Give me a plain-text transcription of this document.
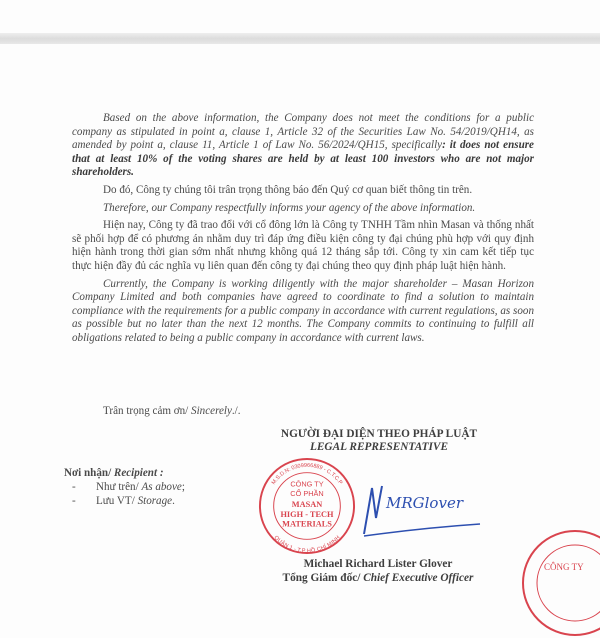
Based on the above information, the Company does not meet the conditions for a public company as stipulated in point a, clause 1, Article 32 of the Securities Law No. 54/2019/QH14, as amended by point a, clause 11, Article 1 of Law No. 56/2024/QH15, specifically: it does not ensure that at least 10% of the voting shares are held by at least 100 investors who are not major shareholders.

Do đó, Công ty chúng tôi trân trọng thông báo đến Quý cơ quan biết thông tin trên.

Therefore, our Company respectfully informs your agency of the above information.

Hiện nay, Công ty đã trao đổi với cổ đông lớn là Công ty TNHH Tầm nhìn Masan và thống nhất sẽ phối hợp để có phương án nhằm duy trì đáp ứng điều kiện công ty đại chúng phù hợp với quy định hiện hành trong thời gian sớm nhất nhưng không quá 12 tháng sắp tới. Công ty xin cam kết tiếp tục thực hiện đầy đủ các nghĩa vụ liên quan đến công ty đại chúng theo quy định pháp luật hiện hành.

Currently, the Company is working diligently with the major shareholder – Masan Horizon Company Limited and both companies have agreed to coordinate to find a solution to maintain compliance with the requirements for a public company in accordance with current regulations, as soon as possible but no later than the next 12 months. The Company commits to continuing to fulfill all obligations related to being a public company in accordance with current laws.

Trân trọng cảm ơn/ Sincerely./.
NGƯỜI ĐẠI DIỆN THEO PHÁP LUẬT
LEGAL REPRESENTATIVE
Nơi nhận/ Recipient :
- Như trên/ As above;
- Lưu VT/ Storage.
M.S.D.N: 0309966889 - C.T.C.P
QUẬN 1 - T.P HỒ CHÍ MINH
CÔNG TY
CỔ PHẦN
MASAN
HIGH - TECH
MATERIALS
MRGlover
CÔNG TY
Michael Richard Lister Glover
Tổng Giám đốc/ Chief Executive Officer
